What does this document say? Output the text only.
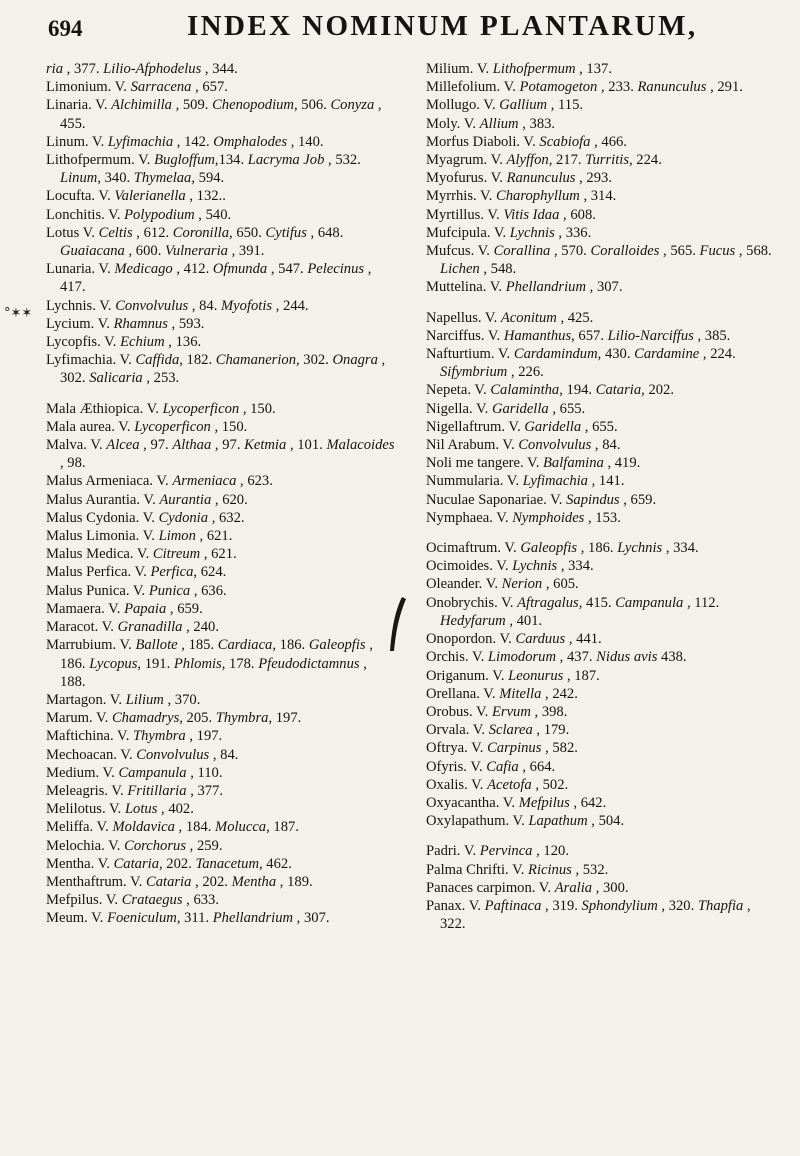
694	INDEX NOMINUM PLANTARUM,
°✶✶
ria , 377. Lilio-Afphodelus , 344.
Limonium. V. Sarracena , 657.
Linaria. V. Alchimilla , 509. Chenopodium, 506. Conyza , 455.
Linum. V. Lyfimachia , 142. Omphalodes , 140.
Lithofpermum. V. Bugloffum,134. Lacryma Job , 532. Linum, 340. Thymelaa, 594.
Locufta. V. Valerianella , 132..
Lonchitis. V. Polypodium , 540.
Lotus V. Celtis , 612. Coronilla, 650. Cytifus , 648. Guaiacana , 600. Vulneraria , 391.
Lunaria. V. Medicago , 412. Ofmunda , 547. Pelecinus , 417.
Lychnis. V. Convolvulus , 84. Myofotis , 244.
Lycium. V. Rhamnus , 593.
Lycopfis. V. Echium , 136.
Lyfimachia. V. Caffida, 182. Chamanerion, 302. Onagra , 302. Salicaria , 253.
Mala Æthiopica. V. Lycoperficon , 150.
Mala aurea. V. Lycoperficon , 150.
Malva. V. Alcea , 97. Althaa , 97. Ketmia , 101. Malacoides , 98.
Malus Armeniaca. V. Armeniaca , 623.
Malus Aurantia. V. Aurantia , 620.
Malus Cydonia. V. Cydonia , 632.
Malus Limonia. V. Limon , 621.
Malus Medica. V. Citreum , 621.
Malus Perfica. V. Perfica, 624.
Malus Punica. V. Punica , 636.
Mamaera. V. Papaia , 659.
Maracot. V. Granadilla , 240.
Marrubium. V. Ballote , 185. Cardiaca, 186. Galeopfis , 186. Lycopus, 191. Phlomis, 178. Pfeudodictamnus , 188.
Martagon. V. Lilium , 370.
Marum. V. Chamadrys, 205. Thymbra, 197.
Maftichina. V. Thymbra , 197.
Mechoacan. V. Convolvulus , 84.
Medium. V. Campanula , 110.
Meleagris. V. Fritillaria , 377.
Melilotus. V. Lotus , 402.
Meliffa. V. Moldavica , 184. Molucca, 187.
Melochia. V. Corchorus , 259.
Mentha. V. Cataria, 202. Tanacetum, 462.
Menthaftrum. V. Cataria , 202. Mentha , 189.
Mefpilus. V. Crataegus , 633.
Meum. V. Foeniculum, 311. Phellandrium , 307.
Milium. V. Lithofpermum , 137.
Millefolium. V. Potamogeton , 233. Ranunculus , 291.
Mollugo. V. Gallium , 115.
Moly. V. Allium , 383.
Morfus Diaboli. V. Scabiofa , 466.
Myagrum. V. Alyffon, 217. Turritis, 224.
Myofurus. V. Ranunculus , 293.
Myrrhis. V. Charophyllum , 314.
Myrtillus. V. Vitis Idaa , 608.
Mufcipula. V. Lychnis , 336.
Mufcus. V. Corallina , 570. Coralloides , 565. Fucus , 568. Lichen , 548.
Muttelina. V. Phellandrium , 307.
Napellus. V. Aconitum , 425.
Narciffus. V. Hamanthus, 657. Lilio-Narciffus , 385.
Nafturtium. V. Cardamindum, 430. Cardamine , 224. Sifymbrium , 226.
Nepeta. V. Calamintha, 194. Cataria, 202.
Nigella. V. Garidella , 655.
Nigellaftrum. V. Garidella , 655.
Nil Arabum. V. Convolvulus , 84.
Noli me tangere. V. Balfamina , 419.
Nummularia. V. Lyfimachia , 141.
Nuculae Saponariae. V. Sapindus , 659.
Nymphaea. V. Nymphoides , 153.
Ocimaftrum. V. Galeopfis , 186. Lychnis , 334.
Ocimoides. V. Lychnis , 334.
Oleander. V. Nerion , 605.
Onobrychis. V. Aftragalus, 415. Campanula , 112. Hedyfarum , 401.
Onopordon. V. Carduus , 441.
Orchis. V. Limodorum , 437. Nidus avis 438.
Origanum. V. Leonurus , 187.
Orellana. V. Mitella , 242.
Orobus. V. Ervum , 398.
Orvala. V. Sclarea , 179.
Oftrya. V. Carpinus , 582.
Ofyris. V. Cafia , 664.
Oxalis. V. Acetofa , 502.
Oxyacantha. V. Mefpilus , 642.
Oxylapathum. V. Lapathum , 504.
Padri. V. Pervinca , 120.
Palma Chrifti. V. Ricinus , 532.
Panaces carpimon. V. Aralia , 300.
Panax. V. Paftinaca , 319. Sphondylium , 320. Thapfia , 322.
